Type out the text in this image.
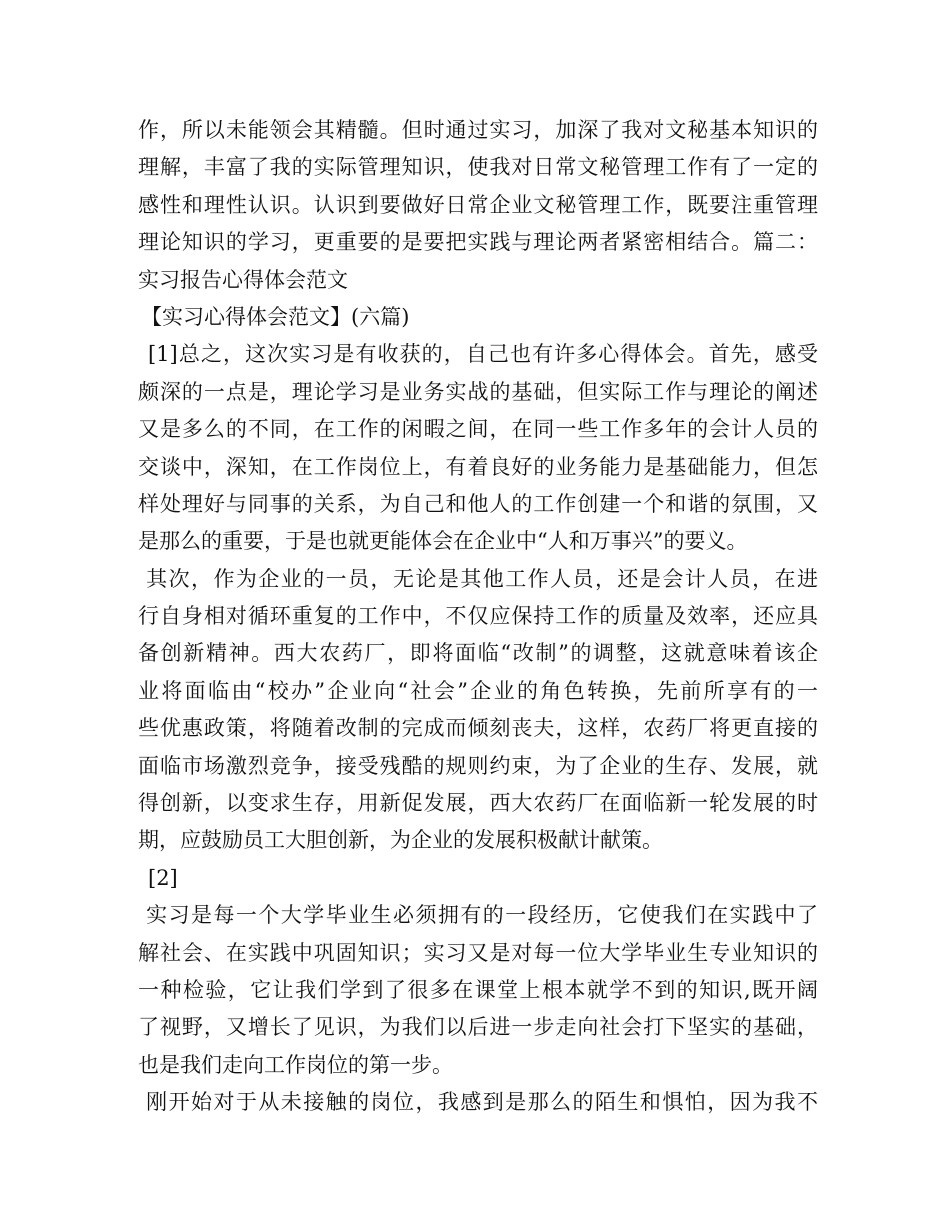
作，所以未能领会其精髓。但时通过实习，加深了我对文秘基本知识的
理解，丰富了我的实际管理知识，使我对日常文秘管理工作有了一定的
感性和理性认识。认识到要做好日常企业文秘管理工作，既要注重管理
理论知识的学习，更重要的是要把实践与理论两者紧密相结合。篇二：
实习报告心得体会范文
【实习心得体会范文】(六篇)
[1]总之，这次实习是有收获的，自己也有许多心得体会。首先，感受
颇深的一点是，理论学习是业务实战的基础，但实际工作与理论的阐述
又是多么的不同，在工作的闲暇之间，在同一些工作多年的会计人员的
交谈中，深知，在工作岗位上，有着良好的业务能力是基础能力，但怎
样处理好与同事的关系，为自己和他人的工作创建一个和谐的氛围，又
是那么的重要，于是也就更能体会在企业中“人和万事兴”的要义。
其次，作为企业的一员，无论是其他工作人员，还是会计人员，在进
行自身相对循环重复的工作中，不仅应保持工作的质量及效率，还应具
备创新精神。西大农药厂，即将面临“改制”的调整，这就意味着该企
业将面临由“校办”企业向“社会”企业的角色转换，先前所享有的一
些优惠政策，将随着改制的完成而倾刻丧夫，这样，农药厂将更直接的
面临市场激烈竞争，接受残酷的规则约束，为了企业的生存、发展，就
得创新，以变求生存，用新促发展，西大农药厂在面临新一轮发展的时
期，应鼓励员工大胆创新，为企业的发展积极献计献策。
[2]
实习是每一个大学毕业生必须拥有的一段经历，它使我们在实践中了
解社会、在实践中巩固知识；实习又是对每一位大学毕业生专业知识的
一种检验，它让我们学到了很多在课堂上根本就学不到的知识,既开阔
了视野，又增长了见识，为我们以后进一步走向社会打下坚实的基础，
也是我们走向工作岗位的第一步。
刚开始对于从未接触的岗位，我感到是那么的陌生和惧怕，因为我不
